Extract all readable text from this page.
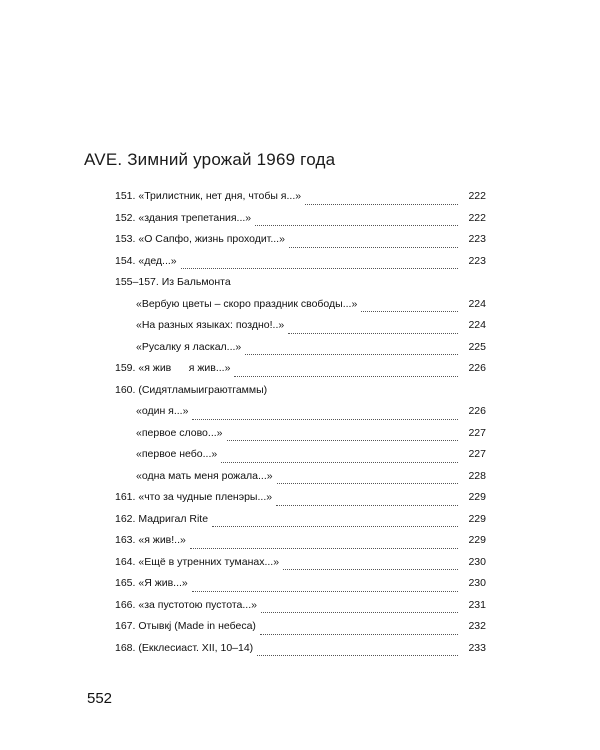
AVE. Зимний урожай 1969 года
151. «Трилистник, нет дня, чтобы я...»	222
152. «здания трепетания...»	222
153. «О Сапфо, жизнь проходит...»	223
154. «дед...»	223
155–157. Из Бальмонта
«Вербую цветы – скоро праздник свободы...»	224
«На разных языках: поздно!..»	224
«Русалку я ласкал...»	225
159. «я жив      я жив...»	226
160. (Сидятламыиграютгаммы)
«один я...»	226
«первое слово...»	227
«первое небо...»	227
«одна мать меня рожала...»	228
161. «что за чудные пленэры...»	229
162. Мадригал Rite	229
163. «я жив!..»	229
164. «Ещё в утренних туманах...»	230
165. «Я жив...»	230
166. «за пустотою пустота...»	231
167. Отывкj (Made in небеса)	232
168. (Екклесиаст. XII, 10–14)	233
552
